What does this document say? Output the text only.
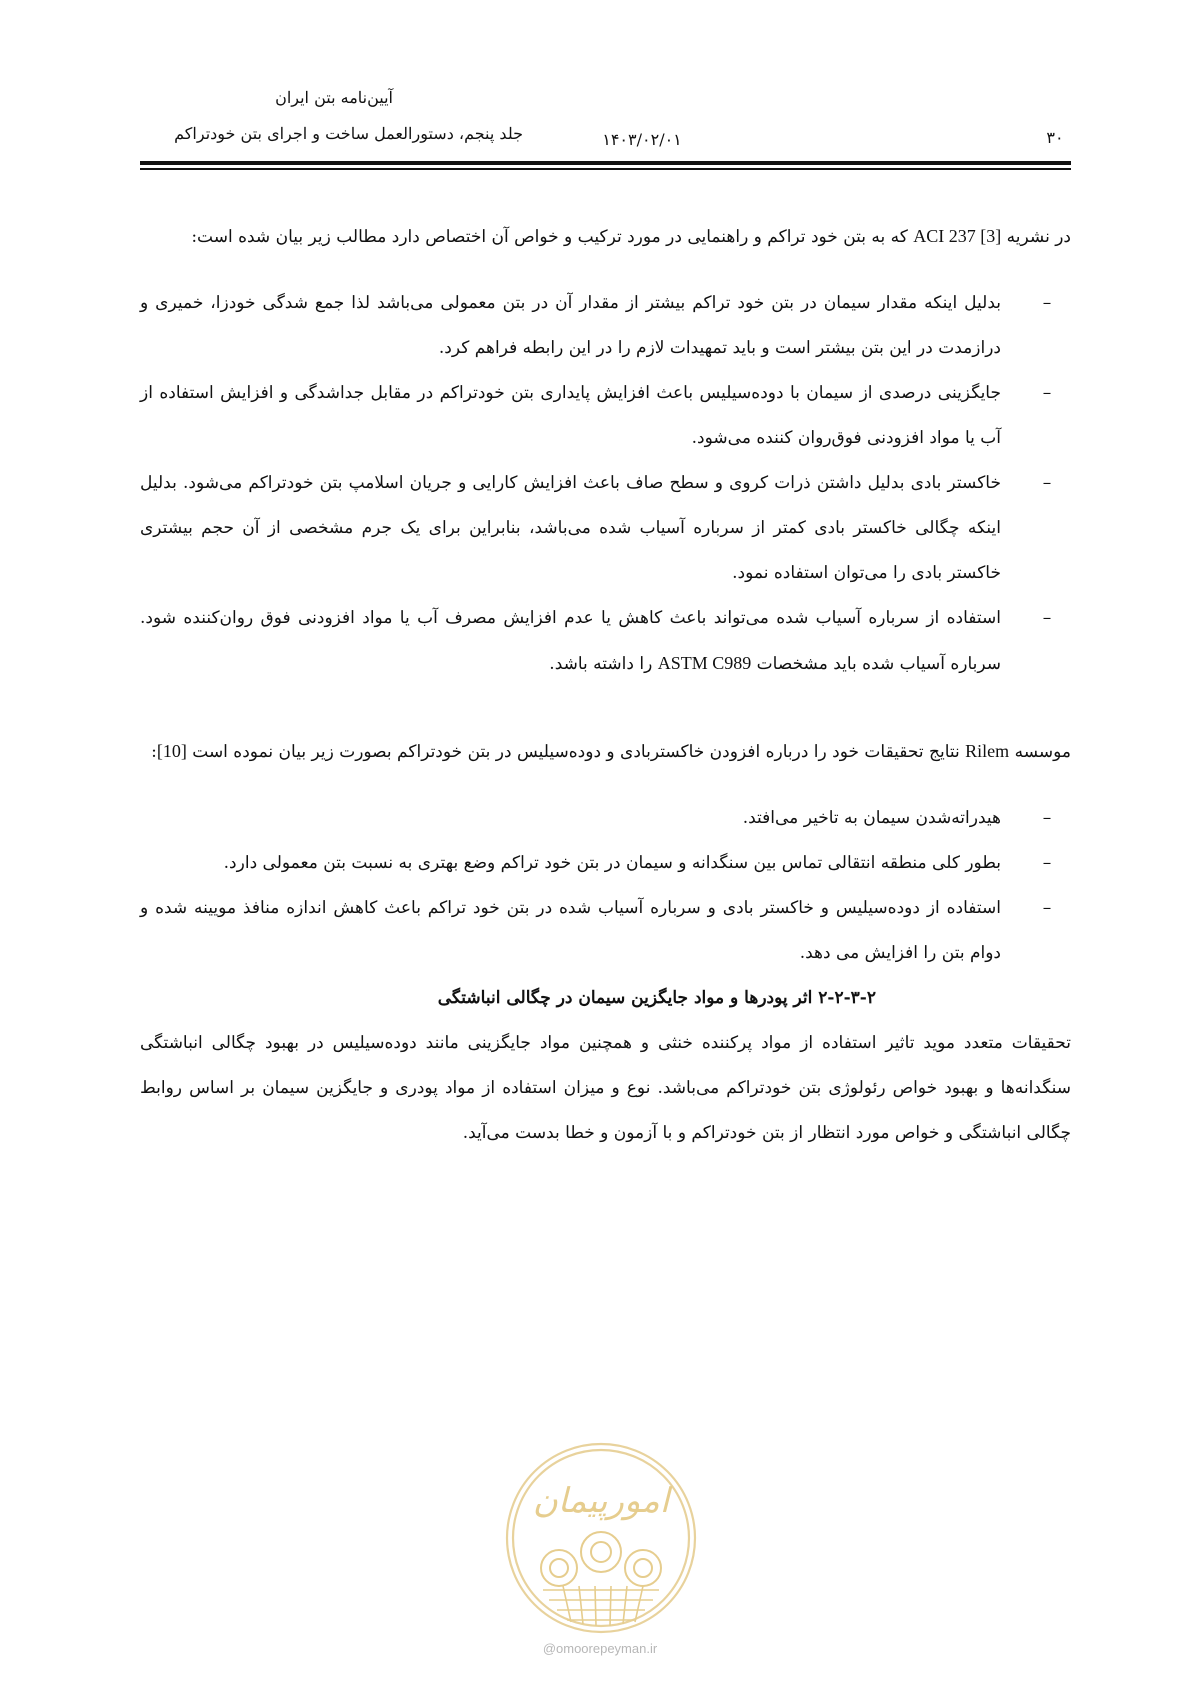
آیین‌نامه بتن ایران
جلد پنجم، دستورالعمل ساخت و اجرای بتن خودتراکم	۱۴۰۳/۰۲/۰۱	۳۰

در نشریه ACI 237 [3] که به بتن خود تراکم و راهنمایی در مورد ترکیب و خواص آن اختصاص دارد مطالب زیر بیان شده است:

– بدلیل اینکه مقدار سیمان در بتن خود تراکم بیشتر از مقدار آن در بتن معمولی می‌باشد لذا جمع شدگی خودزا، خمیری و درازمدت در این بتن بیشتر است و باید تمهیدات لازم را در این رابطه فراهم کرد.
– جایگزینی درصدی از سیمان با دوده‌سیلیس باعث افزایش پایداری بتن خودتراکم در مقابل جداشدگی و افزایش استفاده از آب یا مواد افزودنی فوق‌روان کننده می‌شود.
– خاکستر بادی بدلیل داشتن ذرات کروی و سطح صاف باعث افزایش کارایی و جریان اسلامپ بتن خودتراکم می‌شود. بدلیل اینکه چگالی خاکستر بادی کمتر از سرباره آسیاب شده می‌باشد، بنابراین برای یک جرم مشخصی از آن حجم بیشتری خاکستر بادی را می‌توان استفاده نمود.
– استفاده از سرباره آسیاب شده می‌تواند باعث کاهش یا عدم افزایش مصرف آب یا مواد افزودنی فوق روان‌کننده شود. سرباره آسیاب شده باید مشخصات ASTM C989 را داشته باشد.

موسسه Rilem نتایج تحقیقات خود را درباره افزودن خاکستربادی و دوده‌سیلیس در بتن خودتراکم بصورت زیر بیان نموده است [10]:

– هیدراته‌شدن سیمان به تاخیر می‌افتد.
– بطور کلی منطقه انتقالی تماس بین سنگدانه و سیمان در بتن خود تراکم وضع بهتری به نسبت بتن معمولی دارد.
– استفاده از دوده‌سیلیس و خاکستر بادی و سرباره آسیاب شده در بتن خود تراکم باعث کاهش اندازه منافذ مویینه شده و دوام بتن را افزایش می دهد.

۲-۲-۳-۲ اثر پودرها و مواد جایگزین سیمان در چگالی انباشتگی

تحقیقات متعدد موید تاثیر استفاده از مواد پرکننده خنثی و همچنین مواد جایگزینی مانند دوده‌سیلیس در بهبود چگالی انباشتگی سنگدانه‌ها و بهبود خواص رئولوژی بتن خودتراکم می‌باشد. نوع و میزان استفاده از مواد پودری و جایگزین سیمان بر اساس روابط چگالی انباشتگی و خواص مورد انتظار از بتن خودتراکم و با آزمون و خطا بدست می‌آید.

امورپیمان
@omoorepeyman.ir
